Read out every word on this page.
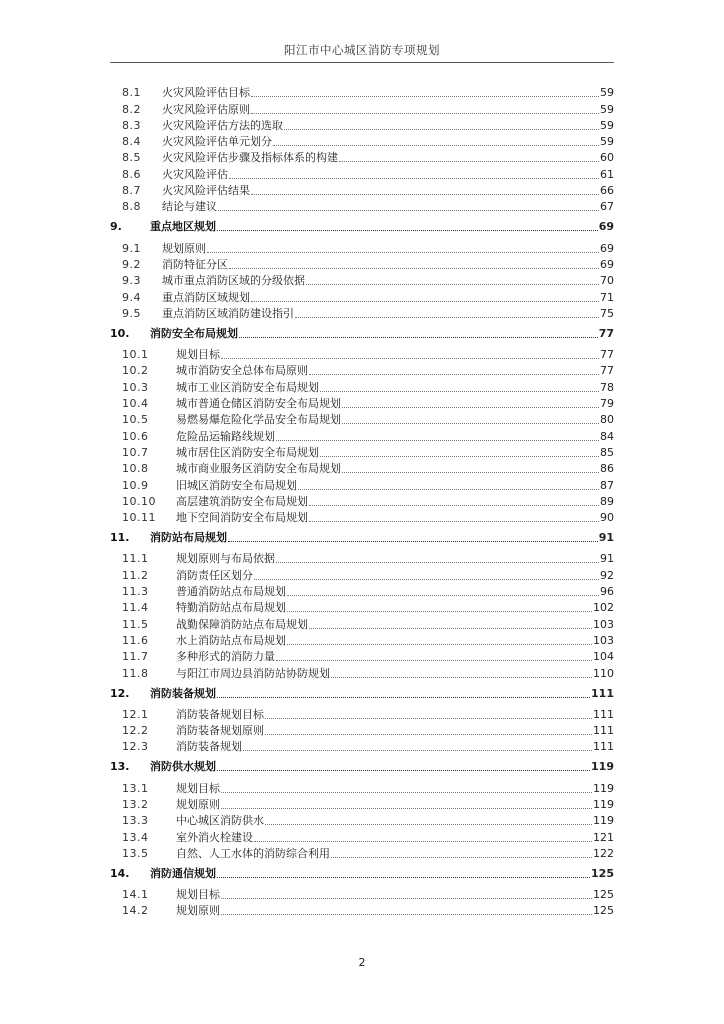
阳江市中心城区消防专项规划
8.1	火灾风险评估目标	59
8.2	火灾风险评估原则	59
8.3	火灾风险评估方法的选取	59
8.4	火灾风险评估单元划分	59
8.5	火灾风险评估步骤及指标体系的构建	60
8.6	火灾风险评估	61
8.7	火灾风险评估结果	66
8.8	结论与建议	67
9.	重点地区规划	69
9.1	规划原则	69
9.2	消防特征分区	69
9.3	城市重点消防区域的分级依据	70
9.4	重点消防区域规划	71
9.5	重点消防区域消防建设指引	75
10.	消防安全布局规划	77
10.1	规划目标	77
10.2	城市消防安全总体布局原则	77
10.3	城市工业区消防安全布局规划	78
10.4	城市普通仓储区消防安全布局规划	79
10.5	易燃易爆危险化学品安全布局规划	80
10.6	危险品运输路线规划	84
10.7	城市居住区消防安全布局规划	85
10.8	城市商业服务区消防安全布局规划	86
10.9	旧城区消防安全布局规划	87
10.10	高层建筑消防安全布局规划	89
10.11	地下空间消防安全布局规划	90
11.	消防站布局规划	91
11.1	规划原则与布局依据	91
11.2	消防责任区划分	92
11.3	普通消防站点布局规划	96
11.4	特勤消防站点布局规划	102
11.5	战勤保障消防站点布局规划	103
11.6	水上消防站点布局规划	103
11.7	多种形式的消防力量	104
11.8	与阳江市周边县消防站协防规划	110
12.	消防装备规划	111
12.1	消防装备规划目标	111
12.2	消防装备规划原则	111
12.3	消防装备规划	111
13.	消防供水规划	119
13.1	规划目标	119
13.2	规划原则	119
13.3	中心城区消防供水	119
13.4	室外消火栓建设	121
13.5	自然、人工水体的消防综合利用	122
14.	消防通信规划	125
14.1	规划目标	125
14.2	规划原则	125
2
